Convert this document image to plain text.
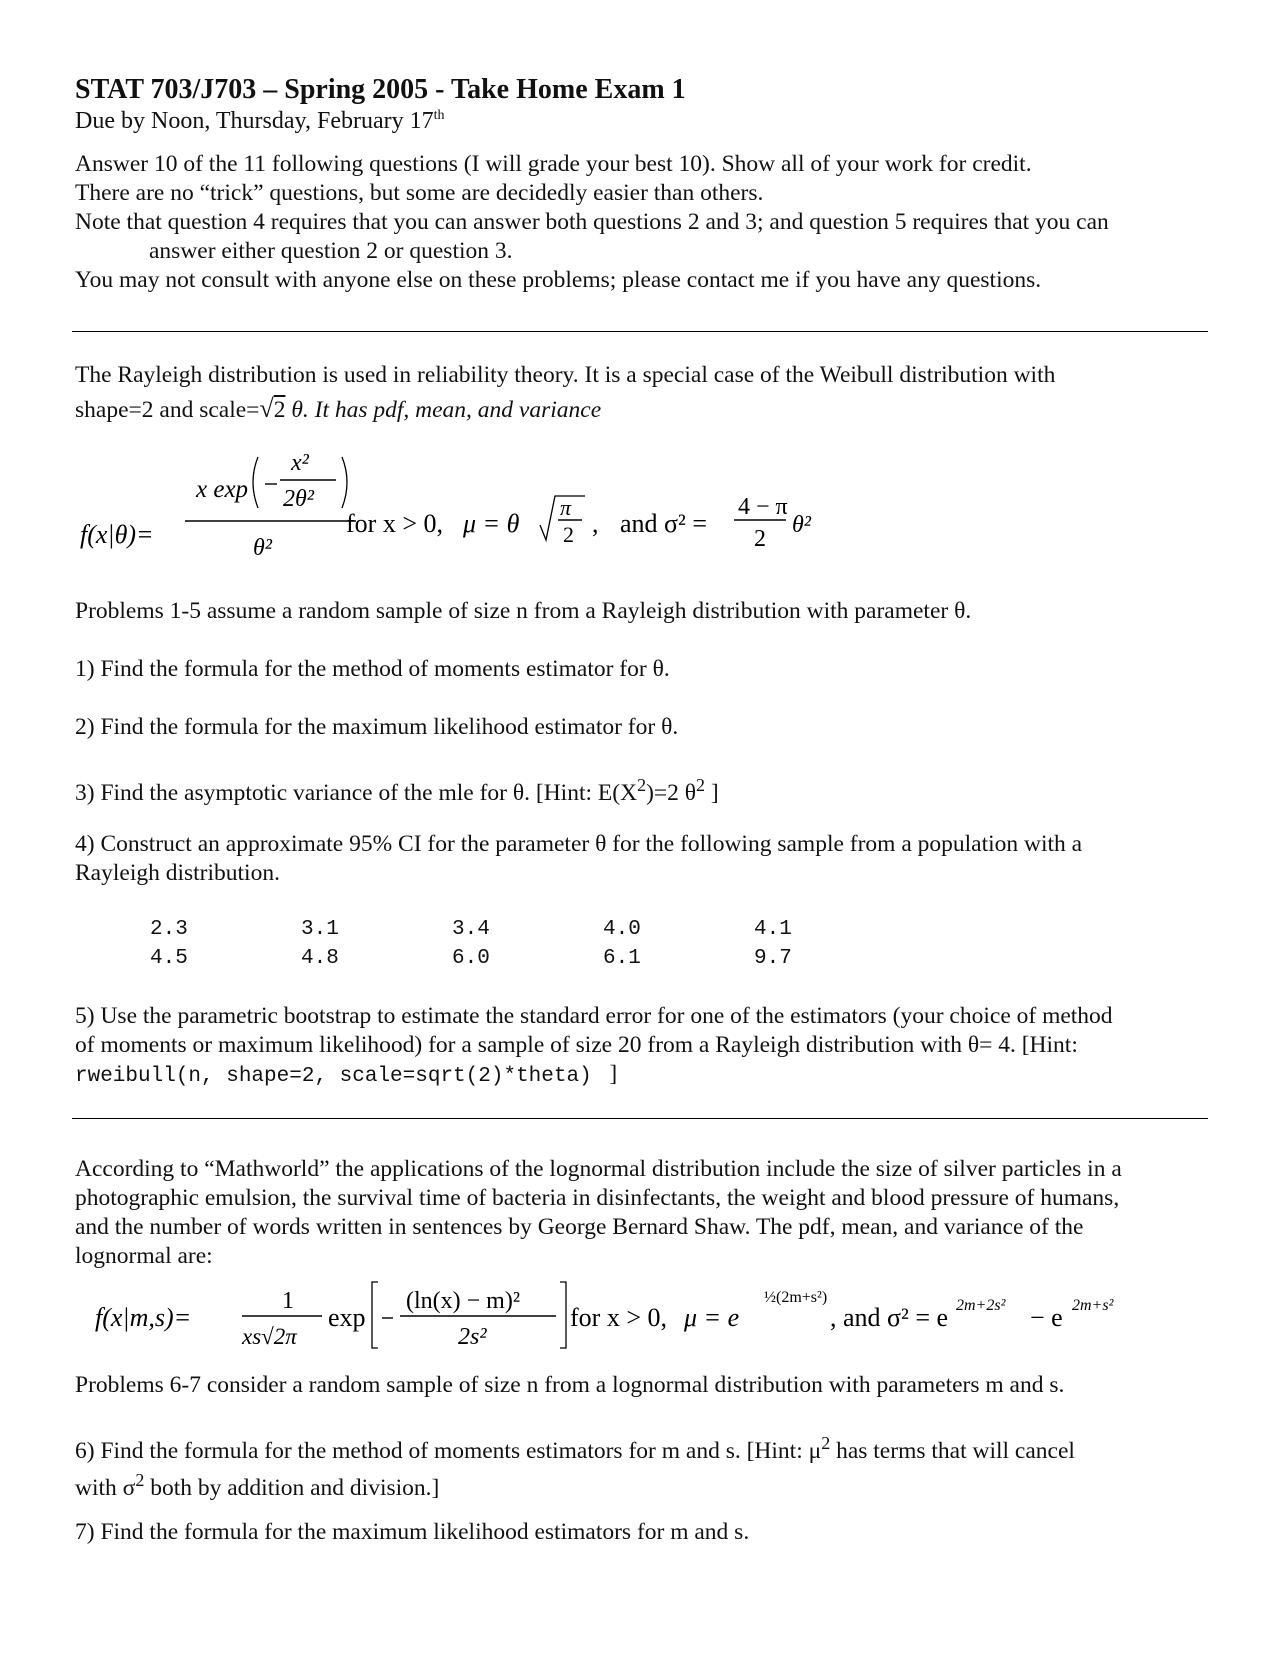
STAT 703/J703 – Spring 2005 - Take Home Exam 1
Due by Noon, Thursday, February 17th
Answer 10 of the 11 following questions (I will grade your best 10). Show all of your work for credit.
There are no “trick” questions, but some are decidedly easier than others.
Note that question 4 requires that you can answer both questions 2 and 3; and question 5 requires that you can
answer either question 2 or question 3.
You may not consult with anyone else on these problems; please contact me if you have any questions.
The Rayleigh distribution is used in reliability theory. It is a special case of the Weibull distribution with
shape=2 and scale=√2 θ. It has pdf, mean, and variance
f(x|θ)=
x exp
x²
2θ²
θ²
for x > 0, μ = θ
π
2 , and σ² =
4 − π
2
θ²
Problems 1-5 assume a random sample of size n from a Rayleigh distribution with parameter θ.
1) Find the formula for the method of moments estimator for θ.
2) Find the formula for the maximum likelihood estimator for θ.
3) Find the asymptotic variance of the mle for θ. [Hint: $E(X^2)=2$ $\theta^2$ ]
4) Construct an approximate 95% CI for the parameter θ for the following sample from a population with a
Rayleigh distribution.
2.3	3.1	3.4	4.0	4.1
4.5	4.8	6.0	6.1	9.7
5) Use the parametric bootstrap to estimate the standard error for one of the estimators (your choice of method
of moments or maximum likelihood) for a sample of size 20 from a Rayleigh distribution with θ= 4. [Hint:
rweibull(n, shape=2, scale=sqrt(2)*theta) ]
According to “Mathworld” the applications of the lognormal distribution include the size of silver particles in a
photographic emulsion, the survival time of bacteria in disinfectants, the weight and blood pressure of humans,
and the number of words written in sentences by George Bernard Shaw. The pdf, mean, and variance of the
lognormal are:
f(x|m,s)=
1
xs√2π
exp
(ln(x) − m)²
2s²
for x > 0, μ = e
½(2m+s²)
, and σ² = e 2m+2s² − e 2m+s²
Problems 6-7 consider a random sample of size n from a lognormal distribution with parameters m and s.
6) Find the formula for the method of moments estimators for m and s. [Hint: $\mu^2$ has terms that will cancel
with $\sigma^2$ both by addition and division.]
7) Find the formula for the maximum likelihood estimators for m and s.
